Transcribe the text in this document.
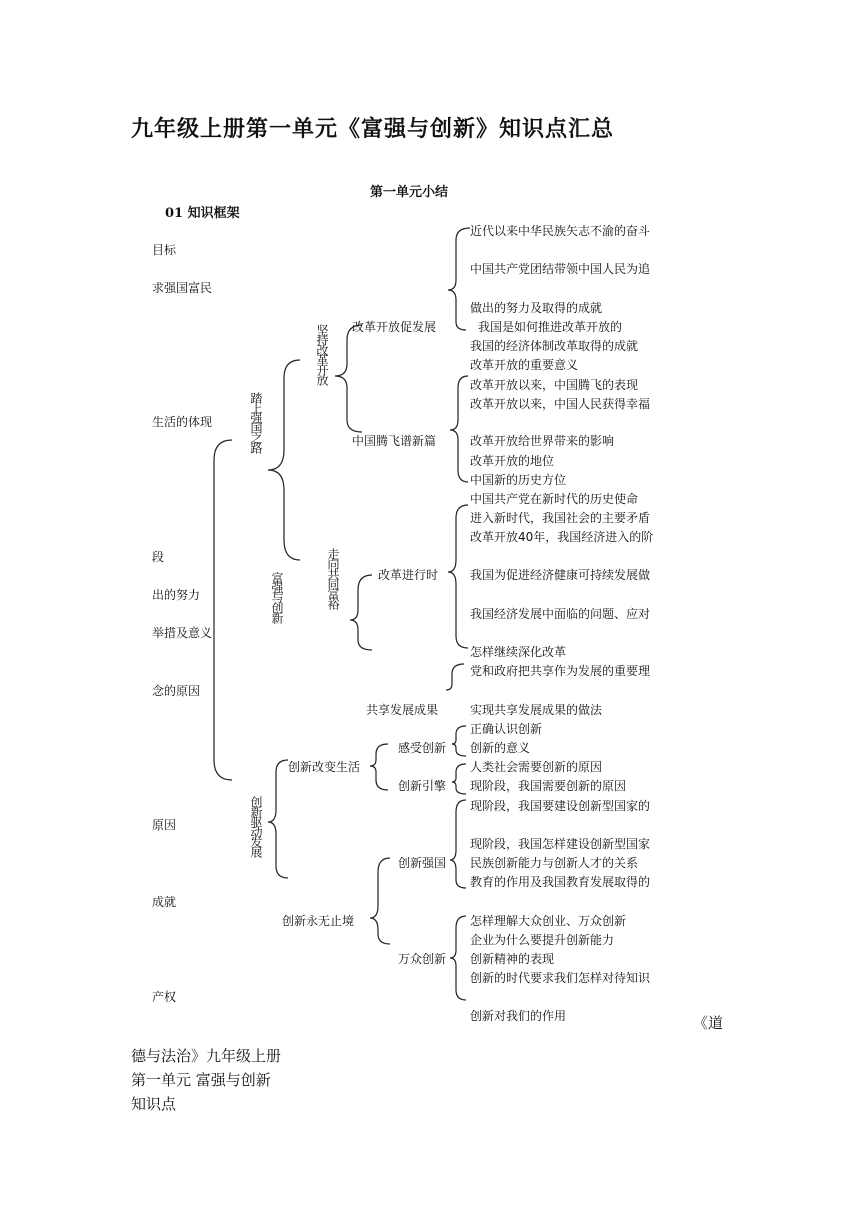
九年级上册第一单元《富强与创新》知识点汇总
第一单元小结
01 知识框架
目标
求强国富民
生活的体现
段
出的努力
举措及意义
念的原因
原因
成就
产权
踏上强国之路
富强与创新
创新驱动发展
坚持改革开放
走向共同富裕
改革开放促发展
中国腾飞谱新篇
改革进行时
共享发展成果
创新改变生活
感受创新
创新引擎
创新永无止境
创新强国
万众创新
近代以来中华民族矢志不渝的奋斗
中国共产党团结带领中国人民为追
做出的努力及取得的成就
我国是如何推进改革开放的
我国的经济体制改革取得的成就
改革开放的重要意义
改革开放以来，中国腾飞的表现
改革开放以来，中国人民获得幸福
改革开放给世界带来的影响
改革开放的地位
中国新的历史方位
中国共产党在新时代的历史使命
进入新时代，我国社会的主要矛盾
改革开放40年，我国经济进入的阶
我国为促进经济健康可持续发展做
我国经济发展中面临的问题、应对
怎样继续深化改革
党和政府把共享作为发展的重要理
实现共享发展成果的做法
正确认识创新
创新的意义
人类社会需要创新的原因
现阶段，我国需要创新的原因
现阶段，我国要建设创新型国家的
现阶段，我国怎样建设创新型国家
民族创新能力与创新人才的关系
教育的作用及我国教育发展取得的
怎样理解大众创业、万众创新
企业为什么要提升创新能力
创新精神的表现
创新的时代要求我们怎样对待知识
创新对我们的作用	《道
德与法治》九年级上册
第一单元 富强与创新
知识点
